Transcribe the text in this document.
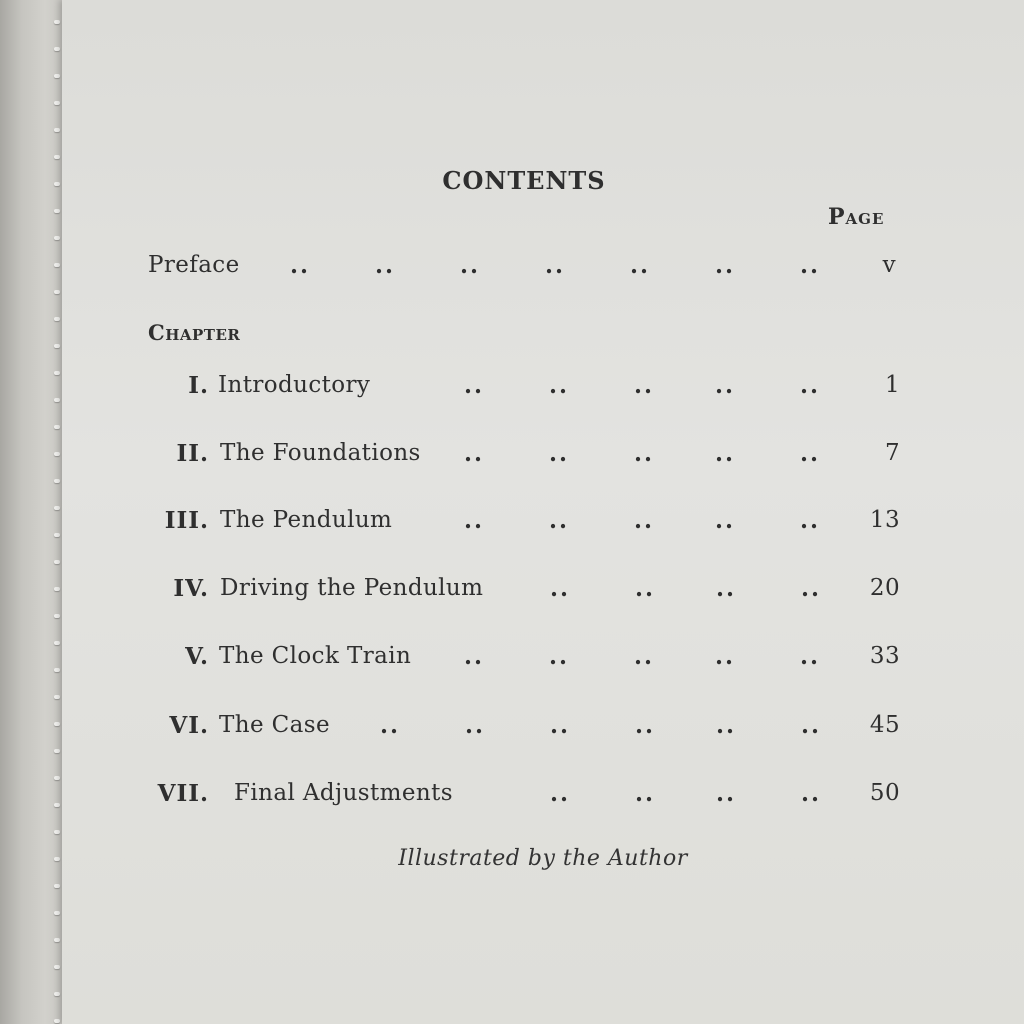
CONTENTS
Page
Preface ..	..	..	..	..	..	..	v
Chapter
I. Introductory	..	..	..	..	..	1
II. The Foundations ..	..	..	..	..	7
III. The Pendulum	..	..	..	..	.. 13
IV. Driving the Pendulum	..	..	..	.. 20
V. The Clock Train ..	..	..	..	.. 33
VI. The Case ..	..	..	..	..	.. 45
VII. Final Adjustments	..	..	..	.. 50
Illustrated by the Author
